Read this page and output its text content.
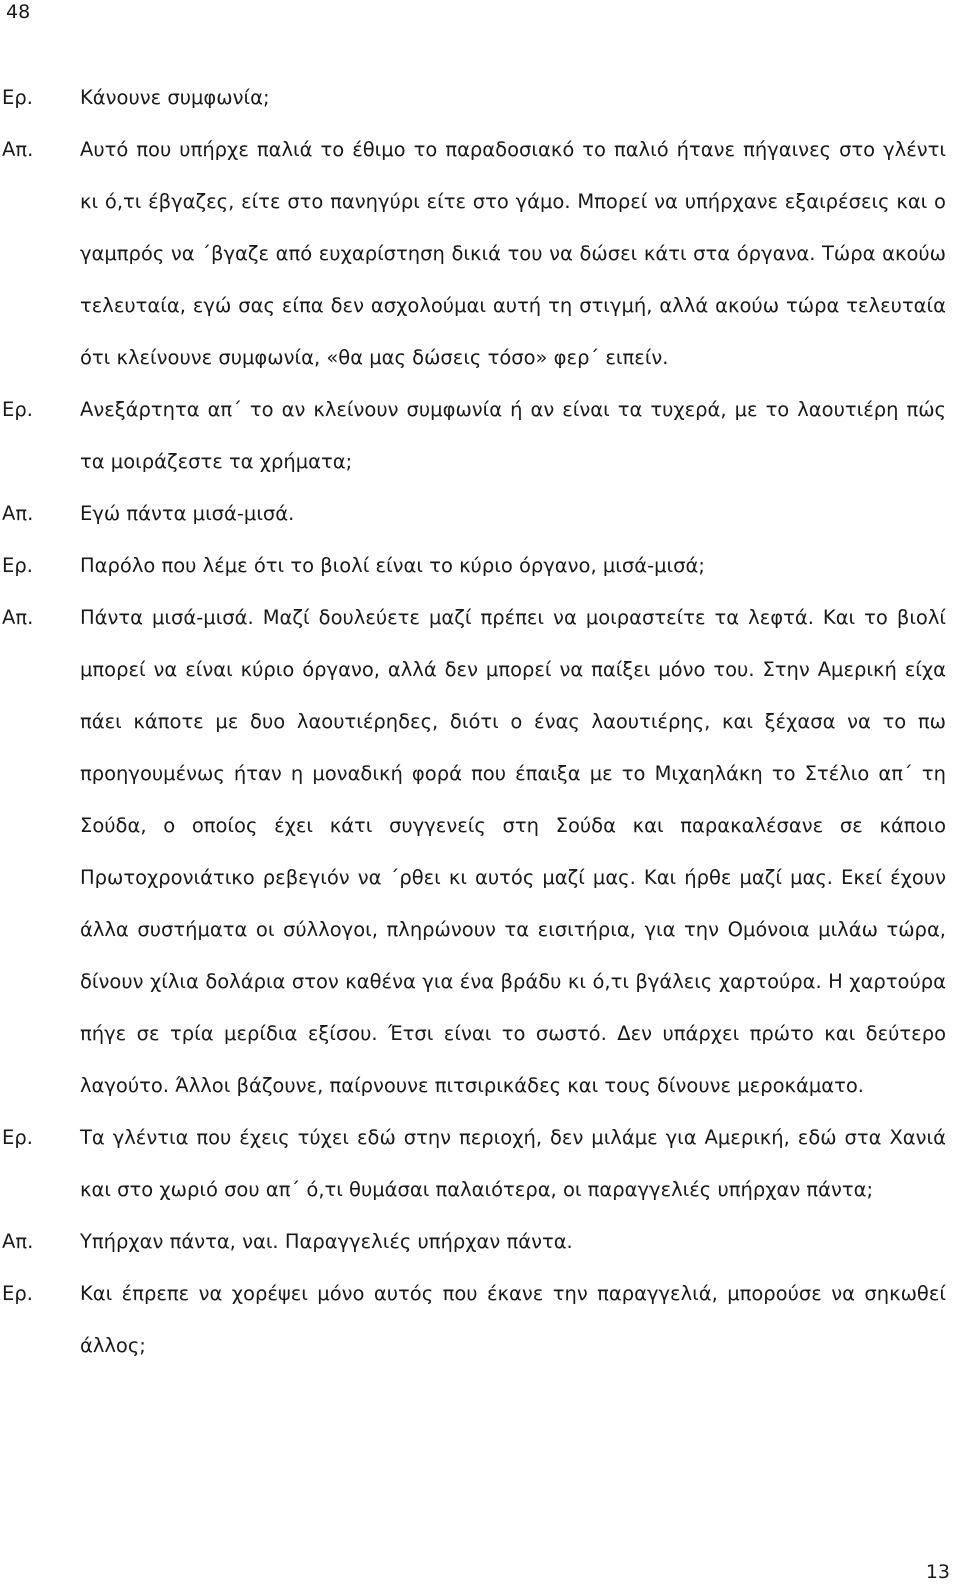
48
Ερ.	Κάνουνε συμφωνία;
Απ.	Αυτό που υπήρχε παλιά το έθιμο το παραδοσιακό το παλιό ήτανε πήγαινες στο γλέντι κι ό,τι έβγαζες, είτε στο πανηγύρι είτε στο γάμο. Μπορεί να υπήρχανε εξαιρέσεις και ο γαμπρός να ΄βγαζε από ευχαρίστηση δικιά του να δώσει κάτι στα όργανα. Τώρα ακούω τελευταία, εγώ σας είπα δεν ασχολούμαι αυτή τη στιγμή, αλλά ακούω τώρα τελευταία ότι κλείνουνε συμφωνία, «θα μας δώσεις τόσο» φερ΄ ειπείν.
Ερ.	Ανεξάρτητα απ΄ το αν κλείνουν συμφωνία ή αν είναι τα τυχερά, με το λαουτιέρη πώς τα μοιράζεστε τα χρήματα;
Απ.	Εγώ πάντα μισά-μισά.
Ερ.	Παρόλο που λέμε ότι το βιολί είναι το κύριο όργανο, μισά-μισά;
Απ.	Πάντα μισά-μισά. Μαζί δουλεύετε μαζί πρέπει να μοιραστείτε τα λεφτά. Και το βιολί μπορεί να είναι κύριο όργανο, αλλά δεν μπορεί να παίξει μόνο του. Στην Αμερική είχα πάει κάποτε με δυο λαουτιέρηδες, διότι ο ένας λαουτιέρης, και ξέχασα να το πω προηγουμένως ήταν η μοναδική φορά που έπαιξα με το Μιχαηλάκη το Στέλιο απ΄ τη Σούδα, ο οποίος έχει κάτι συγγενείς στη Σούδα και παρακαλέσανε σε κάποιο Πρωτοχρονιάτικο ρεβεγιόν να ΄ρθει κι αυτός μαζί μας. Και ήρθε μαζί μας. Εκεί έχουν άλλα συστήματα οι σύλλογοι, πληρώνουν τα εισιτήρια, για την Ομόνοια μιλάω τώρα, δίνουν χίλια δολάρια στον καθένα για ένα βράδυ κι ό,τι βγάλεις χαρτούρα. Η χαρτούρα πήγε σε τρία μερίδια εξίσου. Έτσι είναι το σωστό. Δεν υπάρχει πρώτο και δεύτερο λαγούτο. Άλλοι βάζουνε, παίρνουνε πιτσιρικάδες και τους δίνουνε μεροκάματο.
Ερ.	Τα γλέντια που έχεις τύχει εδώ στην περιοχή, δεν μιλάμε για Αμερική, εδώ στα Χανιά και στο χωριό σου απ΄ ό,τι θυμάσαι παλαιότερα, οι παραγγελιές υπήρχαν πάντα;
Απ.	Υπήρχαν πάντα, ναι. Παραγγελιές υπήρχαν πάντα.
Ερ.	Και έπρεπε να χορέψει μόνο αυτός που έκανε την παραγγελιά, μπορούσε να σηκωθεί άλλος;
13
